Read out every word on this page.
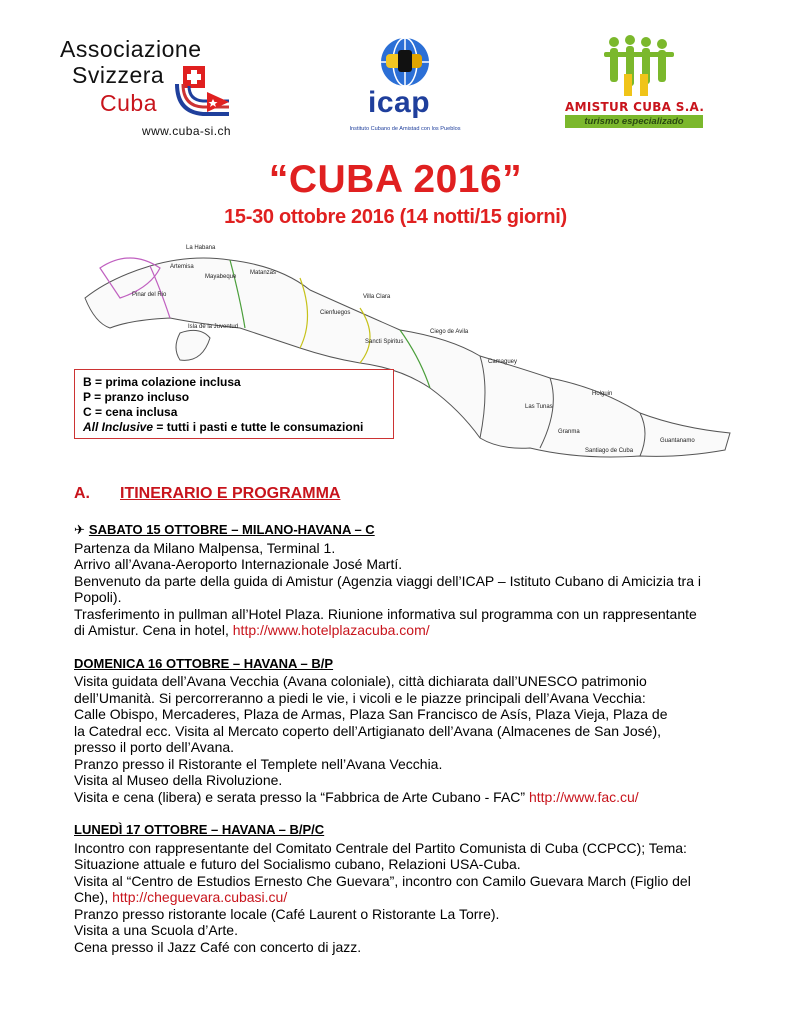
Associazione
Svizzera
Cuba
www.cuba-si.ch
icap
Instituto Cubano de Amistad con los Pueblos
AMISTUR CUBA S.A.
turismo especializado
“CUBA 2016”
15-30 ottobre 2016 (14 notti/15 giorni)
La Habana
Artemisa
Mayabeque
Matanzas
Pinar del Rio
Isla de la Juventud
Cienfuegos
Villa Clara
Sancti Spiritus
Ciego de Avila
Camaguey
Las Tunas
Holguin
Granma
Santiago de Cuba
Guantanamo
B = prima colazione inclusa
P = pranzo incluso
C = cena inclusa
All Inclusive = tutti i pasti e tutte le consumazioni
A. ITINERARIO E PROGRAMMA
✈ SABATO 15 OTTOBRE – MILANO-HAVANA – C
Partenza da Milano Malpensa, Terminal 1.
Arrivo all’Avana-Aeroporto Internazionale José Martí.
Benvenuto da parte della guida di Amistur (Agenzia viaggi dell’ICAP – Istituto Cubano di Amicizia tra i
Popoli).
Trasferimento in pullman all’Hotel Plaza. Riunione informativa sul programma con un rappresentante
di Amistur. Cena in hotel, http://www.hotelplazacuba.com/
DOMENICA 16 OTTOBRE – HAVANA – B/P
Visita guidata dell’Avana Vecchia (Avana coloniale), città dichiarata dall’UNESCO patrimonio
dell’Umanità. Si percorreranno a piedi le vie, i vicoli e le piazze principali dell’Avana Vecchia:
Calle Obispo, Mercaderes, Plaza de Armas, Plaza San Francisco de Asís, Plaza Vieja, Plaza de
la Catedral ecc. Visita al Mercato coperto dell’Artigianato dell’Avana (Almacenes de San José),
presso il porto dell’Avana.
Pranzo presso il Ristorante el Templete nell’Avana Vecchia.
Visita al Museo della Rivoluzione.
Visita e cena (libera) e serata presso la “Fabbrica de Arte Cubano - FAC” http://www.fac.cu/
LUNEDÌ 17 OTTOBRE – HAVANA – B/P/C
Incontro con rappresentante del Comitato Centrale del Partito Comunista di Cuba (CCPCC); Tema:
Situazione attuale e futuro del Socialismo cubano, Relazioni USA-Cuba.
Visita al “Centro de Estudios Ernesto Che Guevara”, incontro con Camilo Guevara March (Figlio del
Che), http://cheguevara.cubasi.cu/
Pranzo presso ristorante locale (Café Laurent o Ristorante La Torre).
Visita a una Scuola d’Arte.
Cena presso il Jazz Café con concerto di jazz.
